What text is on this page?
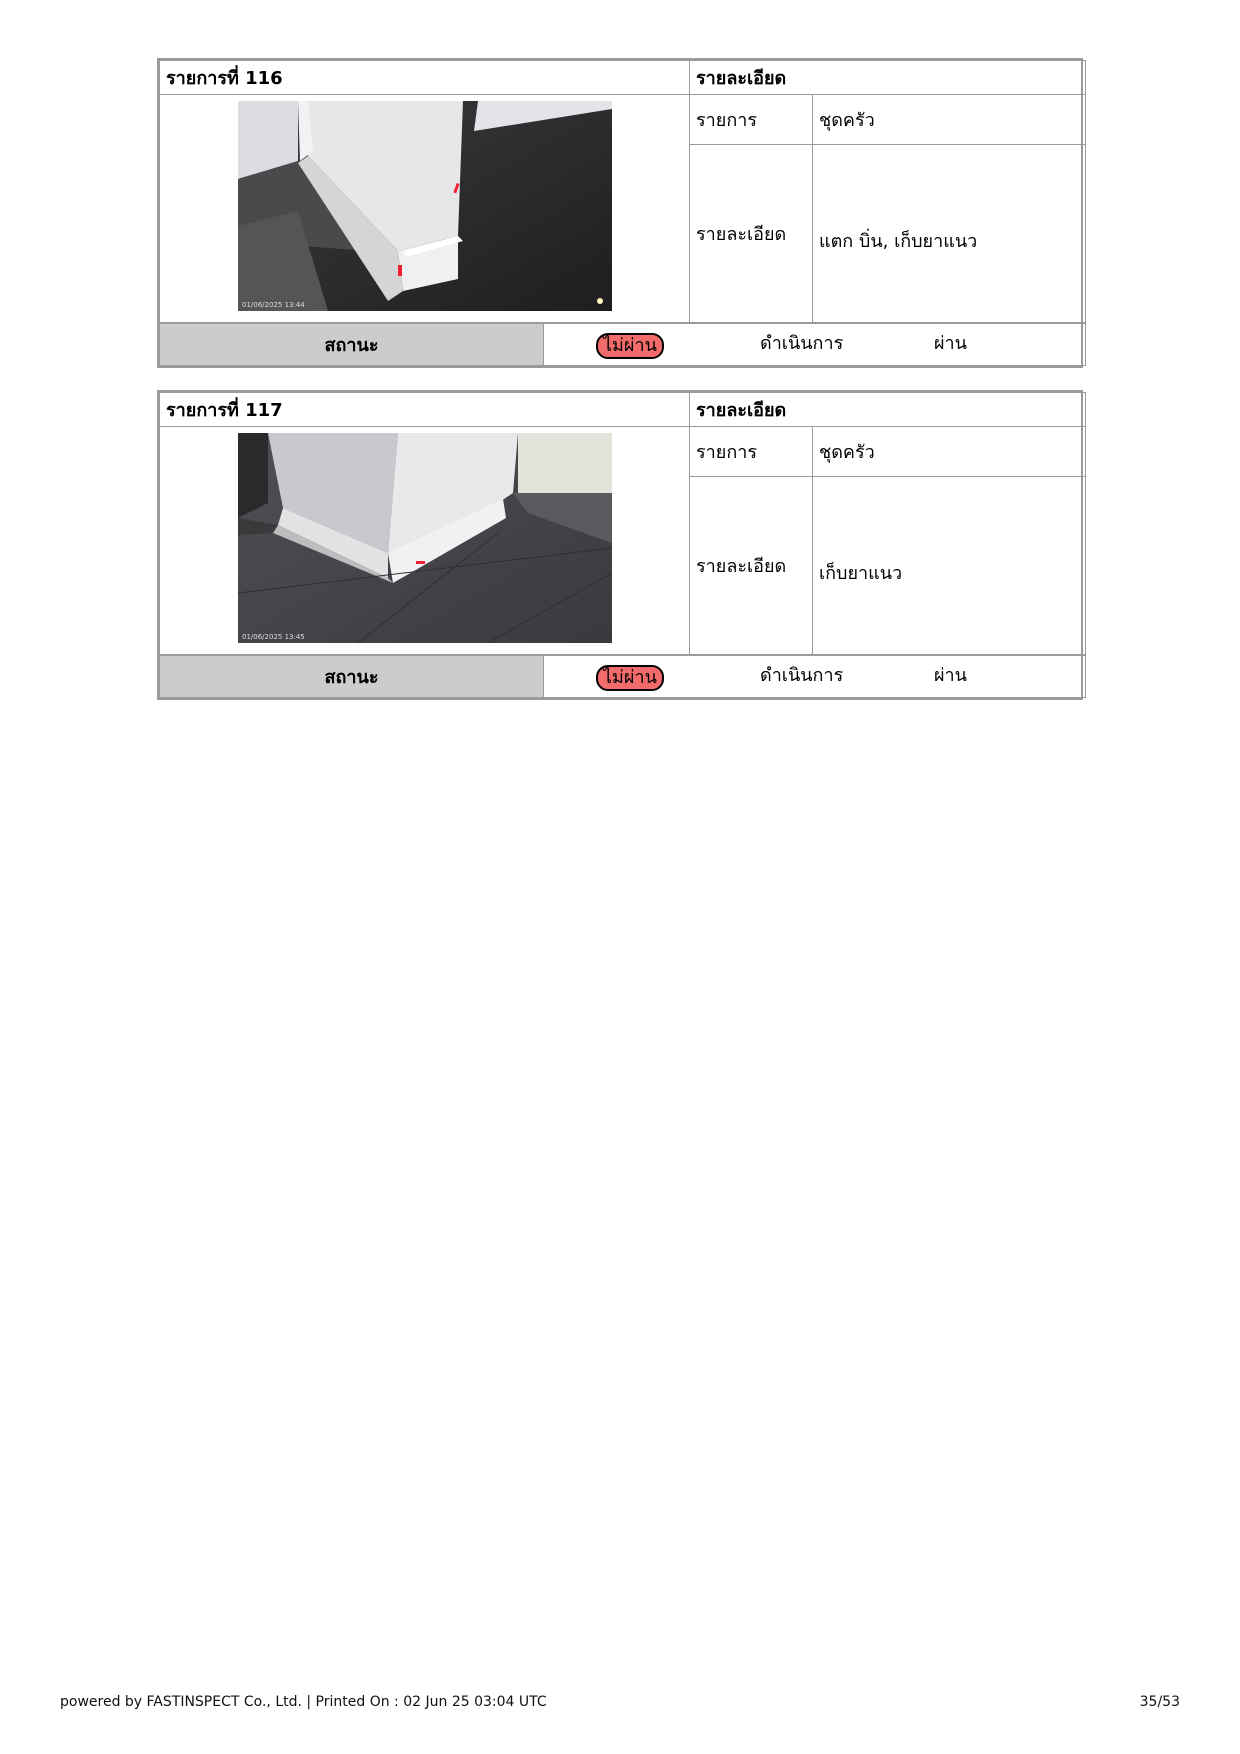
รายการที่ 116	รายละเอียด	

01/06/2025 13:44	รายการ	ชุดครัว
	รายละเอียด	แตก บิ่น, เก็บยาแนว
สถานะ	ไม่ผ่าน	ดำเนินการ	ผ่าน
รายการที่ 117	รายละเอียด	

01/06/2025 13:45	รายการ	ชุดครัว
	รายละเอียด	เก็บยาแนว
สถานะ	ไม่ผ่าน	ดำเนินการ	ผ่าน
powered by FASTINSPECT Co., Ltd. | Printed On : 02 Jun 25 03:04 UTC	35/53
